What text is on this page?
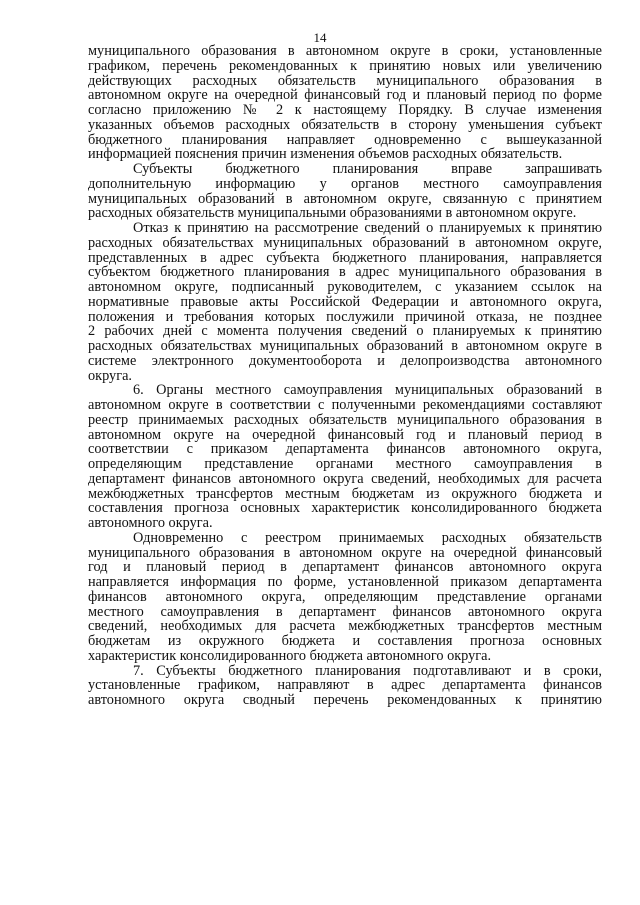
14
муниципального образования в автономном округе в сроки, установленные
графиком, перечень рекомендованных к принятию новых или увеличению
действующих расходных обязательств муниципального образования в
автономном округе на очередной финансовый год и плановый период по форме
согласно приложению № 2 к настоящему Порядку. В случае изменения
указанных объемов расходных обязательств в сторону уменьшения субъект
бюджетного планирования направляет одновременно с вышеуказанной
информацией пояснения причин изменения объемов расходных обязательств.
Субъекты бюджетного планирования вправе запрашивать
дополнительную информацию у органов местного самоуправления
муниципальных образований в автономном округе, связанную с принятием
расходных обязательств муниципальными образованиями в автономном округе.
Отказ к принятию на рассмотрение сведений о планируемых к принятию
расходных обязательствах муниципальных образований в автономном округе,
представленных в адрес субъекта бюджетного планирования, направляется
субъектом бюджетного планирования в адрес муниципального образования в
автономном округе, подписанный руководителем, с указанием ссылок на
нормативные правовые акты Российской Федерации и автономного округа,
положения и требования которых послужили причиной отказа, не позднее
2 рабочих дней с момента получения сведений о планируемых к принятию
расходных обязательствах муниципальных образований в автономном округе в
системе электронного документооборота и делопроизводства автономного
округа.
6. Органы местного самоуправления муниципальных образований в
автономном округе в соответствии с полученными рекомендациями составляют
реестр принимаемых расходных обязательств муниципального образования в
автономном округе на очередной финансовый год и плановый период в
соответствии с приказом департамента финансов автономного округа,
определяющим представление органами местного самоуправления в
департамент финансов автономного округа сведений, необходимых для расчета
межбюджетных трансфертов местным бюджетам из окружного бюджета и
составления прогноза основных характеристик консолидированного бюджета
автономного округа.
Одновременно с реестром принимаемых расходных обязательств
муниципального образования в автономном округе на очередной финансовый
год и плановый период в департамент финансов автономного округа
направляется информация по форме, установленной приказом департамента
финансов автономного округа, определяющим представление органами
местного самоуправления в департамент финансов автономного округа
сведений, необходимых для расчета межбюджетных трансфертов местным
бюджетам из окружного бюджета и составления прогноза основных
характеристик консолидированного бюджета автономного округа.
7. Субъекты бюджетного планирования подготавливают и в сроки,
установленные графиком, направляют в адрес департамента финансов
автономного округа сводный перечень рекомендованных к принятию
